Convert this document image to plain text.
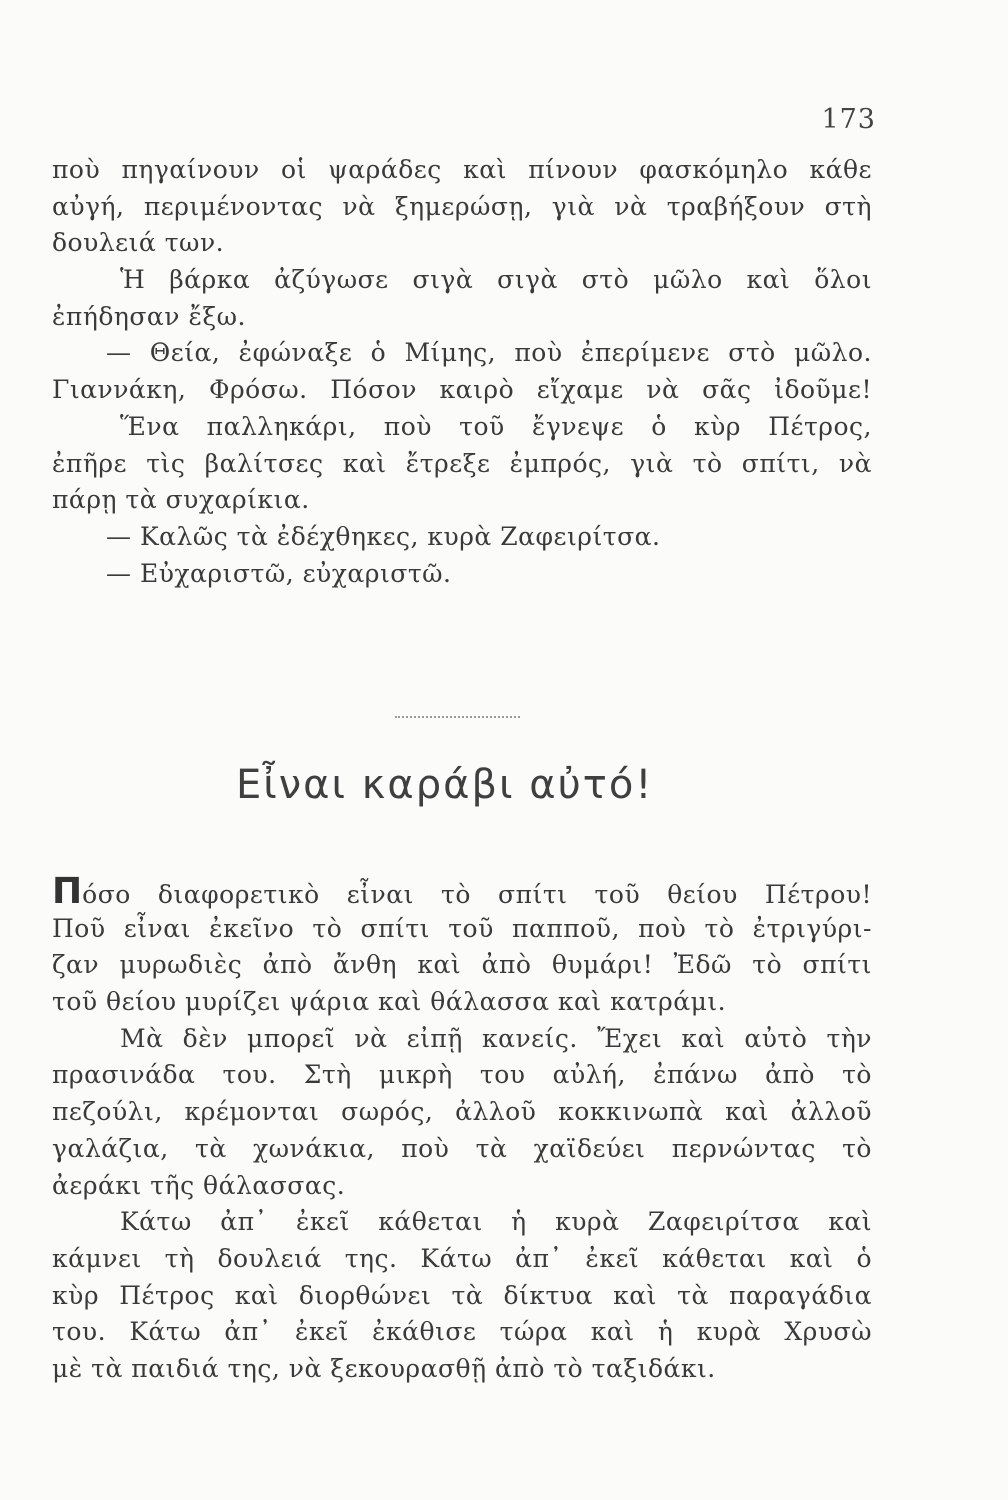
173
ποὺ πηγαίνουν οἱ ψαράδες καὶ πίνουν φασκόμηλο κάθε
αὐγή, περιμένοντας νὰ ξημερώσῃ, γιὰ νὰ τραβήξουν στὴ
δουλειά των.
Ἡ βάρκα ἀζύγωσε σιγὰ σιγὰ στὸ μῶλο καὶ ὅλοι
ἐπήδησαν ἔξω.
— Θεία, ἐφώναξε ὁ Μίμης, ποὺ ἐπερίμενε στὸ μῶλο.
Γιαννάκη, Φρόσω. Πόσον καιρὸ εἴχαμε νὰ σᾶς ἰδοῦμε!
Ἕνα παλληκάρι, ποὺ τοῦ ἔγνεψε ὁ κὺρ Πέτρος,
ἐπῆρε τὶς βαλίτσες καὶ ἔτρεξε ἐμπρός, γιὰ τὸ σπίτι, νὰ
πάρῃ τὰ συχαρίκια.
— Καλῶς τὰ ἐδέχθηκες, κυρὰ Ζαφειρίτσα.
— Εὐχαριστῶ, εὐχαριστῶ.
Εἶναι καράβι αὐτό!
Π όσο διαφορετικὸ εἶναι τὸ σπίτι τοῦ θείου Πέτρου!
Ποῦ εἶναι ἐκεῖνο τὸ σπίτι τοῦ παπποῦ, ποὺ τὸ ἐτριγύρι-
ζαν μυρωδιὲς ἀπὸ ἄνθη καὶ ἀπὸ θυμάρι! Ἐδῶ τὸ σπίτι
τοῦ θείου μυρίζει ψάρια καὶ θάλασσα καὶ κατράμι.
Μὰ δὲν μπορεῖ νὰ εἰπῇ κανείς. Ἔχει καὶ αὐτὸ τὴν
πρασινάδα του. Στὴ μικρὴ του αὐλή, ἐπάνω ἀπὸ τὸ
πεζούλι, κρέμονται σωρός, ἀλλοῦ κοκκινωπὰ καὶ ἀλλοῦ
γαλάζια, τὰ χωνάκια, ποὺ τὰ χαϊδεύει περνώντας τὸ
ἀεράκι τῆς θάλασσας.
Κάτω ἀπ᾽ ἐκεῖ κάθεται ἡ κυρὰ Ζαφειρίτσα καὶ
κάμνει τὴ δουλειά της. Κάτω ἀπ᾽ ἐκεῖ κάθεται καὶ ὁ
κὺρ Πέτρος καὶ διορθώνει τὰ δίκτυα καὶ τὰ παραγάδια
του. Κάτω ἀπ᾽ ἐκεῖ ἐκάθισε τώρα καὶ ἡ κυρὰ Χρυσὼ
μὲ τὰ παιδιά της, νὰ ξεκουρασθῇ ἀπὸ τὸ ταξιδάκι.
